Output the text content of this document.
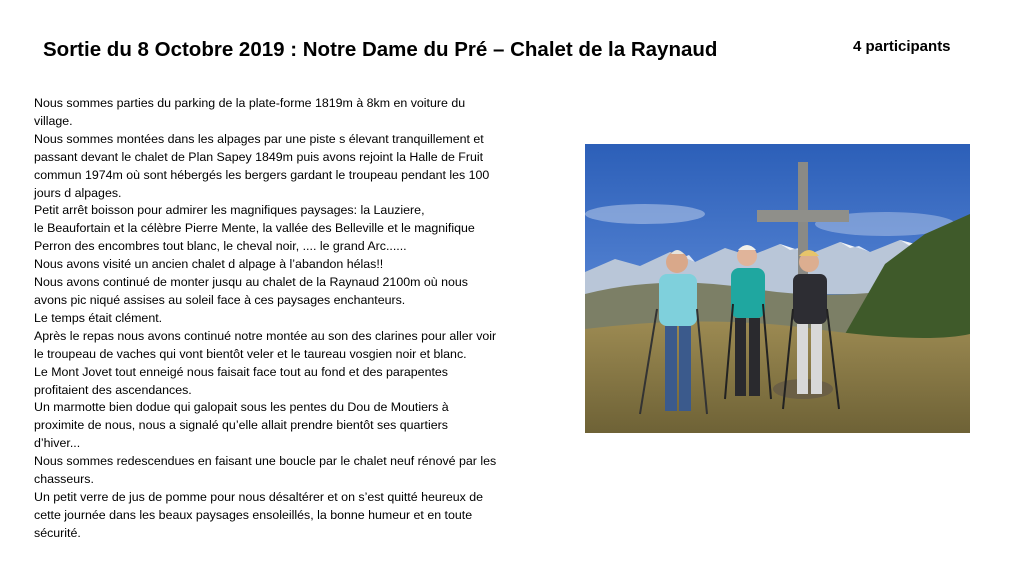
Sortie du 8 Octobre 2019 : Notre Dame du Pré – Chalet de la Raynaud	4 participants
Nous sommes parties du parking de la plate-forme 1819m à 8km en voiture du
village.
Nous sommes montées dans les alpages par une piste s élevant tranquillement et
passant devant le chalet de Plan Sapey 1849m puis avons rejoint la Halle de Fruit
commun 1974m où sont hébergés les bergers gardant le troupeau pendant les 100
jours d alpages.
Petit arrêt boisson pour admirer les magnifiques paysages: la Lauziere,
le Beaufortain et la célèbre Pierre Mente, la vallée des Belleville et le magnifique
Perron des encombres tout blanc, le cheval noir, .... le grand Arc......
Nous avons visité un ancien chalet d alpage à l’abandon hélas!!
Nous avons continué de monter jusqu au chalet de la Raynaud 2100m où nous
avons pic niqué assises au soleil face à ces paysages enchanteurs.
Le temps était clément.
Après le repas nous avons continué notre montée au son des clarines pour aller voir
le troupeau de vaches qui vont bientôt veler et le taureau vosgien noir et blanc.
Le Mont Jovet tout enneigé nous faisait face tout au fond et des parapentes
profitaient des ascendances.
Un marmotte bien dodue qui galopait sous les pentes du Dou de Moutiers à
proximite de nous, nous a signalé qu’elle allait prendre bientôt ses quartiers
d’hiver...
Nous sommes redescendues en faisant une boucle par le chalet neuf rénové par les
chasseurs.
Un petit verre de jus de pomme pour nous désaltérer et on s’est quitté heureux de
cette journée dans les beaux paysages ensoleillés, la bonne humeur et en toute
sécurité.
